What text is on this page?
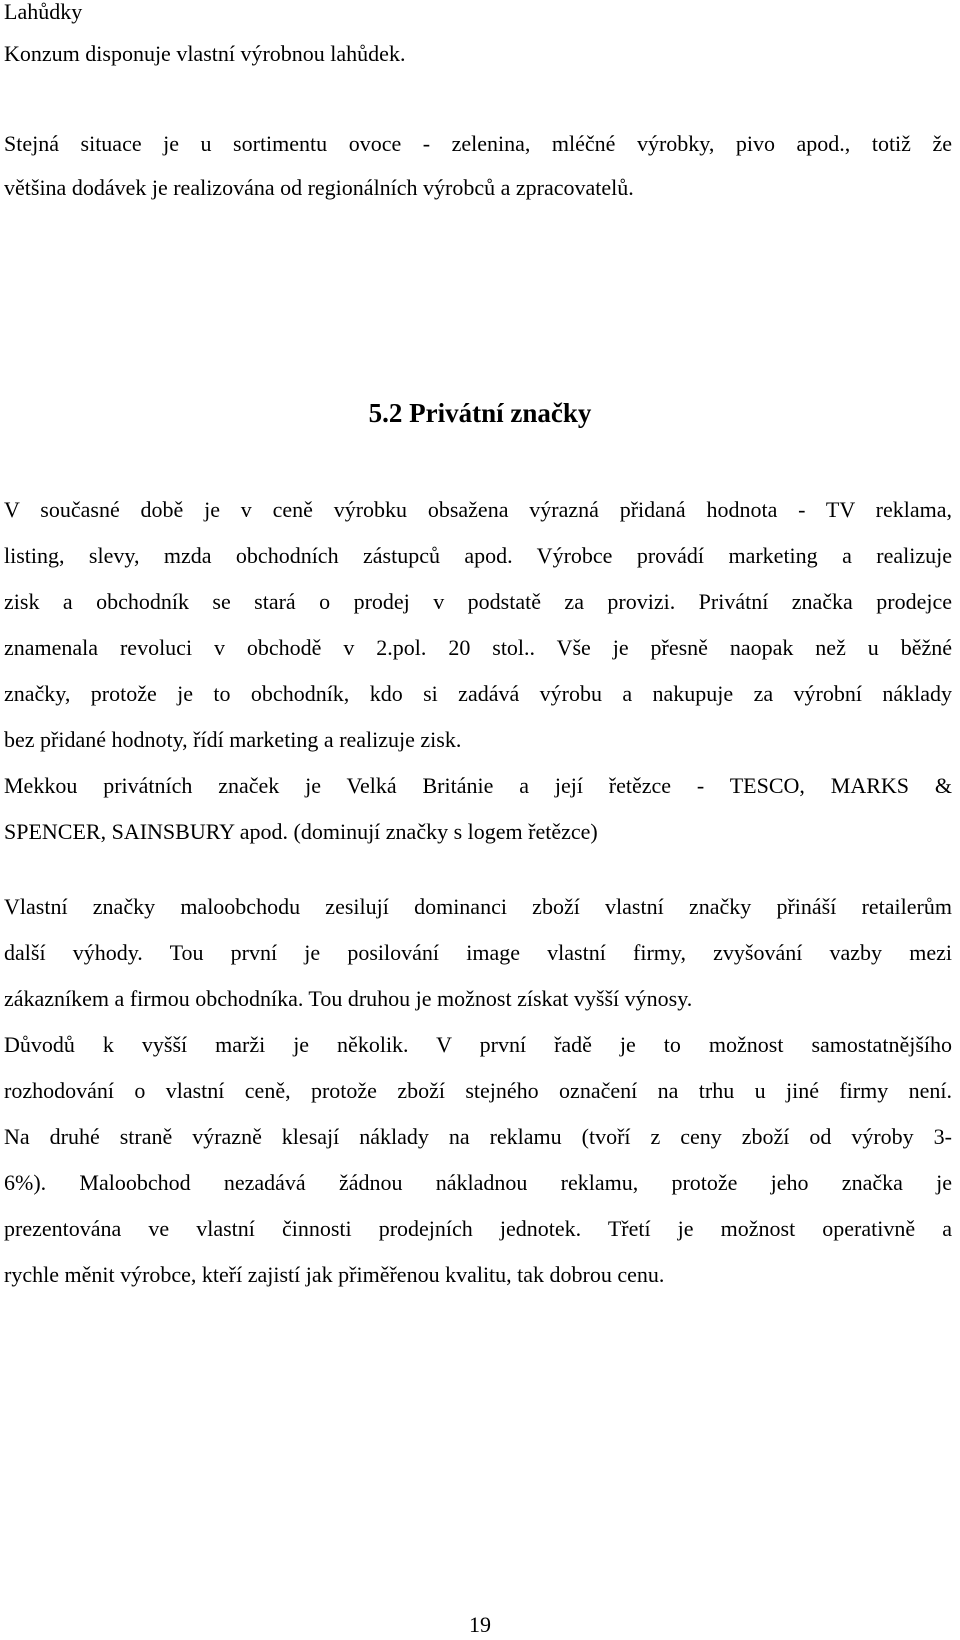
Lahůdky
Konzum disponuje vlastní výrobnou lahůdek.
Stejná situace je u sortimentu ovoce - zelenina, mléčné výrobky, pivo apod., totiž že
většina dodávek je realizována od regionálních výrobců a zpracovatelů.
5.2 Privátní značky
V současné době je v ceně výrobku obsažena výrazná přidaná hodnota - TV reklama,
listing, slevy, mzda obchodních zástupců apod. Výrobce provádí marketing a realizuje
zisk a obchodník se stará o prodej v podstatě za provizi. Privátní značka prodejce
znamenala revoluci v obchodě v 2.pol. 20 stol.. Vše je přesně naopak než u běžné
značky, protože je to obchodník, kdo si zadává výrobu a nakupuje za výrobní náklady
bez přidané hodnoty, řídí marketing a realizuje zisk.
Mekkou privátních značek je Velká Británie a její řetězce - TESCO, MARKS &
SPENCER, SAINSBURY apod. (dominují značky s logem řetězce)
Vlastní značky maloobchodu zesilují dominanci zboží vlastní značky přináší retailerům
další výhody. Tou první je posilování image vlastní firmy, zvyšování vazby mezi
zákazníkem a firmou obchodníka. Tou druhou je možnost získat vyšší výnosy.
Důvodů k vyšší marži je několik. V první řadě je to možnost samostatnějšího
rozhodování o vlastní ceně, protože zboží stejného označení na trhu u jiné firmy není.
Na druhé straně výrazně klesají náklady na reklamu (tvoří z ceny zboží od výroby 3-
6%). Maloobchod nezadává žádnou nákladnou reklamu, protože jeho značka je
prezentována ve vlastní činnosti prodejních jednotek. Třetí je možnost operativně a
rychle měnit výrobce, kteří zajistí jak přiměřenou kvalitu, tak dobrou cenu.
19
